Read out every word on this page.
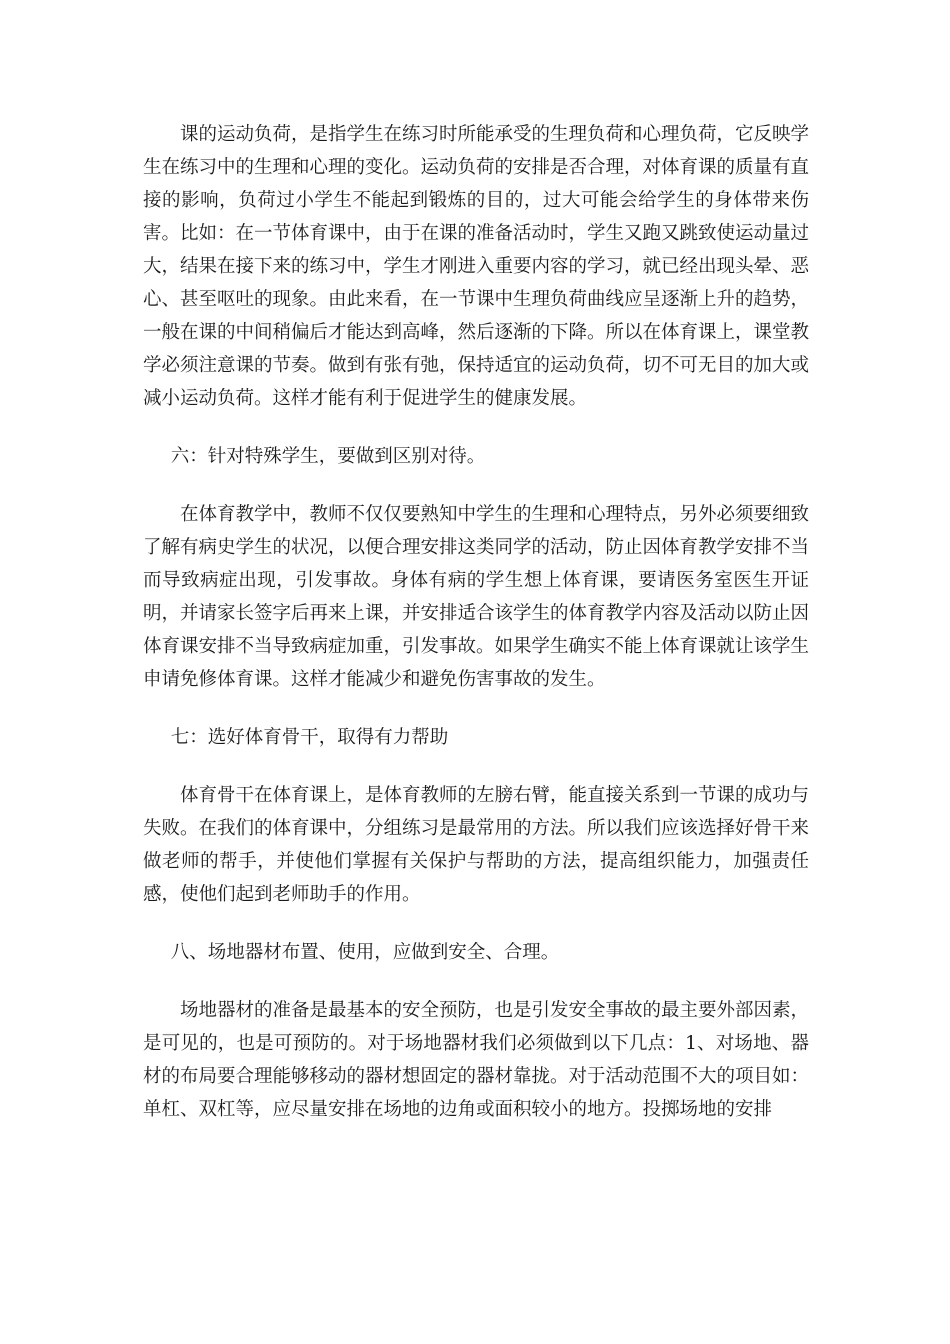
课的运动负荷，是指学生在练习时所能承受的生理负荷和心理负荷，它反映学生在练习中的生理和心理的变化。运动负荷的安排是否合理，对体育课的质量有直接的影响，负荷过小学生不能起到锻炼的目的，过大可能会给学生的身体带来伤害。比如：在一节体育课中，由于在课的准备活动时，学生又跑又跳致使运动量过大，结果在接下来的练习中，学生才刚进入重要内容的学习，就已经出现头晕、恶心、甚至呕吐的现象。由此来看，在一节课中生理负荷曲线应呈逐渐上升的趋势，一般在课的中间稍偏后才能达到高峰，然后逐渐的下降。所以在体育课上，课堂教学必须注意课的节奏。做到有张有弛，保持适宜的运动负荷，切不可无目的加大或减小运动负荷。这样才能有利于促进学生的健康发展。

六：针对特殊学生，要做到区别对待。

在体育教学中，教师不仅仅要熟知中学生的生理和心理特点，另外必须要细致了解有病史学生的状况，以便合理安排这类同学的活动，防止因体育教学安排不当而导致病症出现，引发事故。身体有病的学生想上体育课，要请医务室医生开证明，并请家长签字后再来上课，并安排适合该学生的体育教学内容及活动以防止因体育课安排不当导致病症加重，引发事故。如果学生确实不能上体育课就让该学生申请免修体育课。这样才能减少和避免伤害事故的发生。

七：选好体育骨干，取得有力帮助

体育骨干在体育课上，是体育教师的左膀右臂，能直接关系到一节课的成功与失败。在我们的体育课中，分组练习是最常用的方法。所以我们应该选择好骨干来做老师的帮手，并使他们掌握有关保护与帮助的方法，提高组织能力，加强责任感，使他们起到老师助手的作用。

八、场地器材布置、使用，应做到安全、合理。

场地器材的准备是最基本的安全预防，也是引发安全事故的最主要外部因素，是可见的，也是可预防的。对于场地器材我们必须做到以下几点：1、对场地、器材的布局要合理能够移动的器材想固定的器材靠拢。对于活动范围不大的项目如：单杠、双杠等，应尽量安排在场地的边角或面积较小的地方。投掷场地的安排
